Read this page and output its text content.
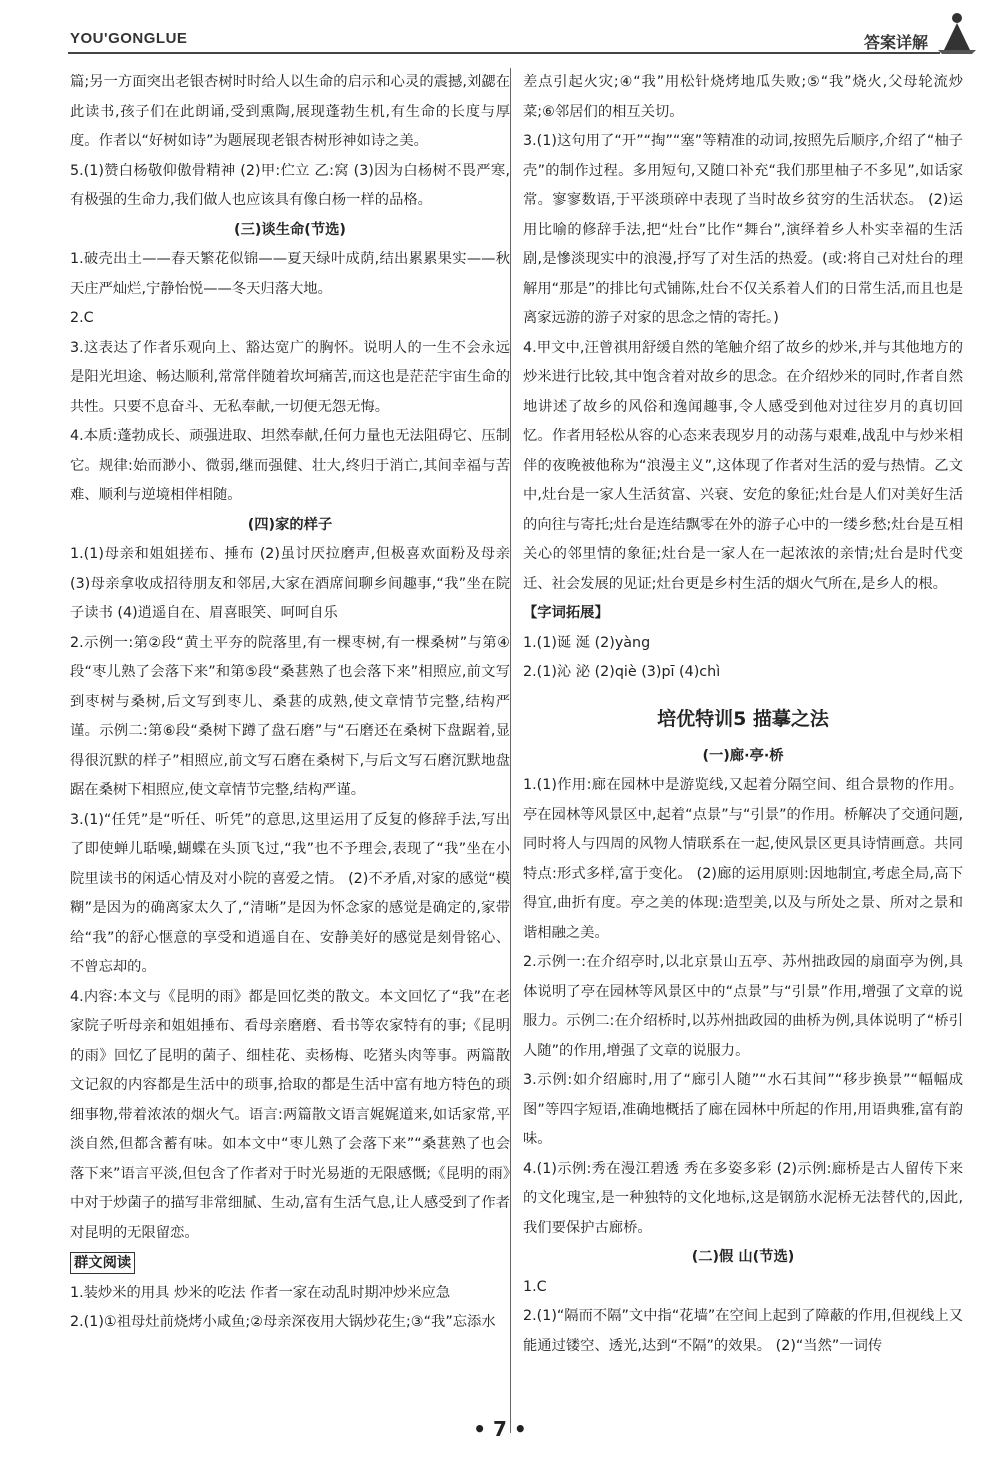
YOU'GONGLUE	答案详解

篇;另一方面突出老银杏树时时给人以生命的启示和心灵的震撼,刘勰在此读书,孩子们在此朗诵,受到熏陶,展现蓬勃生机,有生命的长度与厚度。作者以“好树如诗”为题展现老银杏树形神如诗之美。

5.(1)赞白杨敬仰傲骨精神 (2)甲:伫立 乙:窝 (3)因为白杨树不畏严寒,有极强的生命力,我们做人也应该具有像白杨一样的品格。

(三)谈生命(节选)

1.破壳出土——春天繁花似锦——夏天绿叶成荫,结出累累果实——秋天庄严灿烂,宁静怡悦——冬天归落大地。

2.C

3.这表达了作者乐观向上、豁达宽广的胸怀。说明人的一生不会永远是阳光坦途、畅达顺利,常常伴随着坎坷痛苦,而这也是茫茫宇宙生命的共性。只要不息奋斗、无私奉献,一切便无怨无悔。

4.本质:蓬勃成长、顽强进取、坦然奉献,任何力量也无法阻碍它、压制它。规律:始而渺小、微弱,继而强健、壮大,终归于消亡,其间幸福与苦难、顺利与逆境相伴相随。

(四)家的样子

1.(1)母亲和姐姐搓布、捶布 (2)虽讨厌拉磨声,但极喜欢面粉及母亲 (3)母亲拿收成招待朋友和邻居,大家在酒席间聊乡间趣事,“我”坐在院子读书 (4)逍遥自在、眉喜眼笑、呵呵自乐

2.示例一:第②段“黄土平夯的院落里,有一棵枣树,有一棵桑树”与第④段“枣儿熟了会落下来”和第⑤段“桑葚熟了也会落下来”相照应,前文写到枣树与桑树,后文写到枣儿、桑葚的成熟,使文章情节完整,结构严谨。示例二:第⑥段“桑树下蹲了盘石磨”与“石磨还在桑树下盘踞着,显得很沉默的样子”相照应,前文写石磨在桑树下,与后文写石磨沉默地盘踞在桑树下相照应,使文章情节完整,结构严谨。

3.(1)“任凭”是“听任、听凭”的意思,这里运用了反复的修辞手法,写出了即使蝉儿聒噪,蝴蝶在头顶飞过,“我”也不予理会,表现了“我”坐在小院里读书的闲适心情及对小院的喜爱之情。 (2)不矛盾,对家的感觉“模糊”是因为的确离家太久了,“清晰”是因为怀念家的感觉是确定的,家带给“我”的舒心惬意的享受和逍遥自在、安静美好的感觉是刻骨铭心、不曾忘却的。

4.内容:本文与《昆明的雨》都是回忆类的散文。本文回忆了“我”在老家院子听母亲和姐姐捶布、看母亲磨磨、看书等农家特有的事;《昆明的雨》回忆了昆明的菌子、细桂花、卖杨梅、吃猪头肉等事。两篇散文记叙的内容都是生活中的琐事,拾取的都是生活中富有地方特色的琐细事物,带着浓浓的烟火气。语言:两篇散文语言娓娓道来,如话家常,平淡自然,但都含蓄有味。如本文中“枣儿熟了会落下来”“桑葚熟了也会落下来”语言平淡,但包含了作者对于时光易逝的无限感慨;《昆明的雨》中对于炒菌子的描写非常细腻、生动,富有生活气息,让人感受到了作者对昆明的无限留恋。

群文阅读

1.装炒米的用具 炒米的吃法 作者一家在动乱时期冲炒米应急

2.(1)①祖母灶前烧烤小咸鱼;②母亲深夜用大锅炒花生;③“我”忘添水

差点引起火灾;④“我”用松针烧烤地瓜失败;⑤“我”烧火,父母轮流炒菜;⑥邻居们的相互关切。

3.(1)这句用了“开”“掏”“塞”等精准的动词,按照先后顺序,介绍了“柚子壳”的制作过程。多用短句,又随口补充“我们那里柚子不多见”,如话家常。寥寥数语,于平淡琐碎中表现了当时故乡贫穷的生活状态。 (2)运用比喻的修辞手法,把“灶台”比作“舞台”,演绎着乡人朴实幸福的生活剧,是慘淡现实中的浪漫,抒写了对生活的热爱。(或:将自己对灶台的理解用“那是”的排比句式铺陈,灶台不仅关系着人们的日常生活,而且也是离家远游的游子对家的思念之情的寄托。)

4.甲文中,汪曾祺用舒缓自然的笔触介绍了故乡的炒米,并与其他地方的炒米进行比较,其中饱含着对故乡的思念。在介绍炒米的同时,作者自然地讲述了故乡的风俗和逸闻趣事,令人感受到他对过往岁月的真切回忆。作者用轻松从容的心态来表现岁月的动荡与艰难,战乱中与炒米相伴的夜晚被他称为“浪漫主义”,这体现了作者对生活的爱与热情。乙文中,灶台是一家人生活贫富、兴衰、安危的象征;灶台是人们对美好生活的向往与寄托;灶台是连结飘零在外的游子心中的一缕乡愁;灶台是互相关心的邻里情的象征;灶台是一家人在一起浓浓的亲情;灶台是时代变迁、社会发展的见证;灶台更是乡村生活的烟火气所在,是乡人的根。

【字词拓展】

1.(1)诞 涎 (2)yàng

2.(1)沁 泌 (2)qiè (3)pī (4)chì

培优特训5 描摹之法

(一)廊·亭·桥

1.(1)作用:廊在园林中是游览线,又起着分隔空间、组合景物的作用。亭在园林等风景区中,起着“点景”与“引景”的作用。桥解决了交通问题,同时将人与四周的风物人情联系在一起,使风景区更具诗情画意。共同特点:形式多样,富于变化。 (2)廊的运用原则:因地制宜,考虑全局,高下得宜,曲折有度。亭之美的体现:造型美,以及与所处之景、所对之景和谐相融之美。

2.示例一:在介绍亭时,以北京景山五亭、苏州拙政园的扇面亭为例,具体说明了亭在园林等风景区中的“点景”与“引景”作用,增强了文章的说服力。示例二:在介绍桥时,以苏州拙政园的曲桥为例,具体说明了“桥引人随”的作用,增强了文章的说服力。

3.示例:如介绍廊时,用了“廊引人随”“水石其间”“移步换景”“幅幅成图”等四字短语,准确地概括了廊在园林中所起的作用,用语典雅,富有韵味。

4.(1)示例:秀在漫江碧透 秀在多姿多彩 (2)示例:廊桥是古人留传下来的文化瑰宝,是一种独特的文化地标,这是钢筋水泥桥无法替代的,因此,我们要保护古廊桥。

(二)假 山(节选)

1.C

2.(1)“隔而不隔”文中指“花墙”在空间上起到了障蔽的作用,但视线上又能通过镂空、透光,达到“不隔”的效果。 (2)“当然”一词传

• 7 •
